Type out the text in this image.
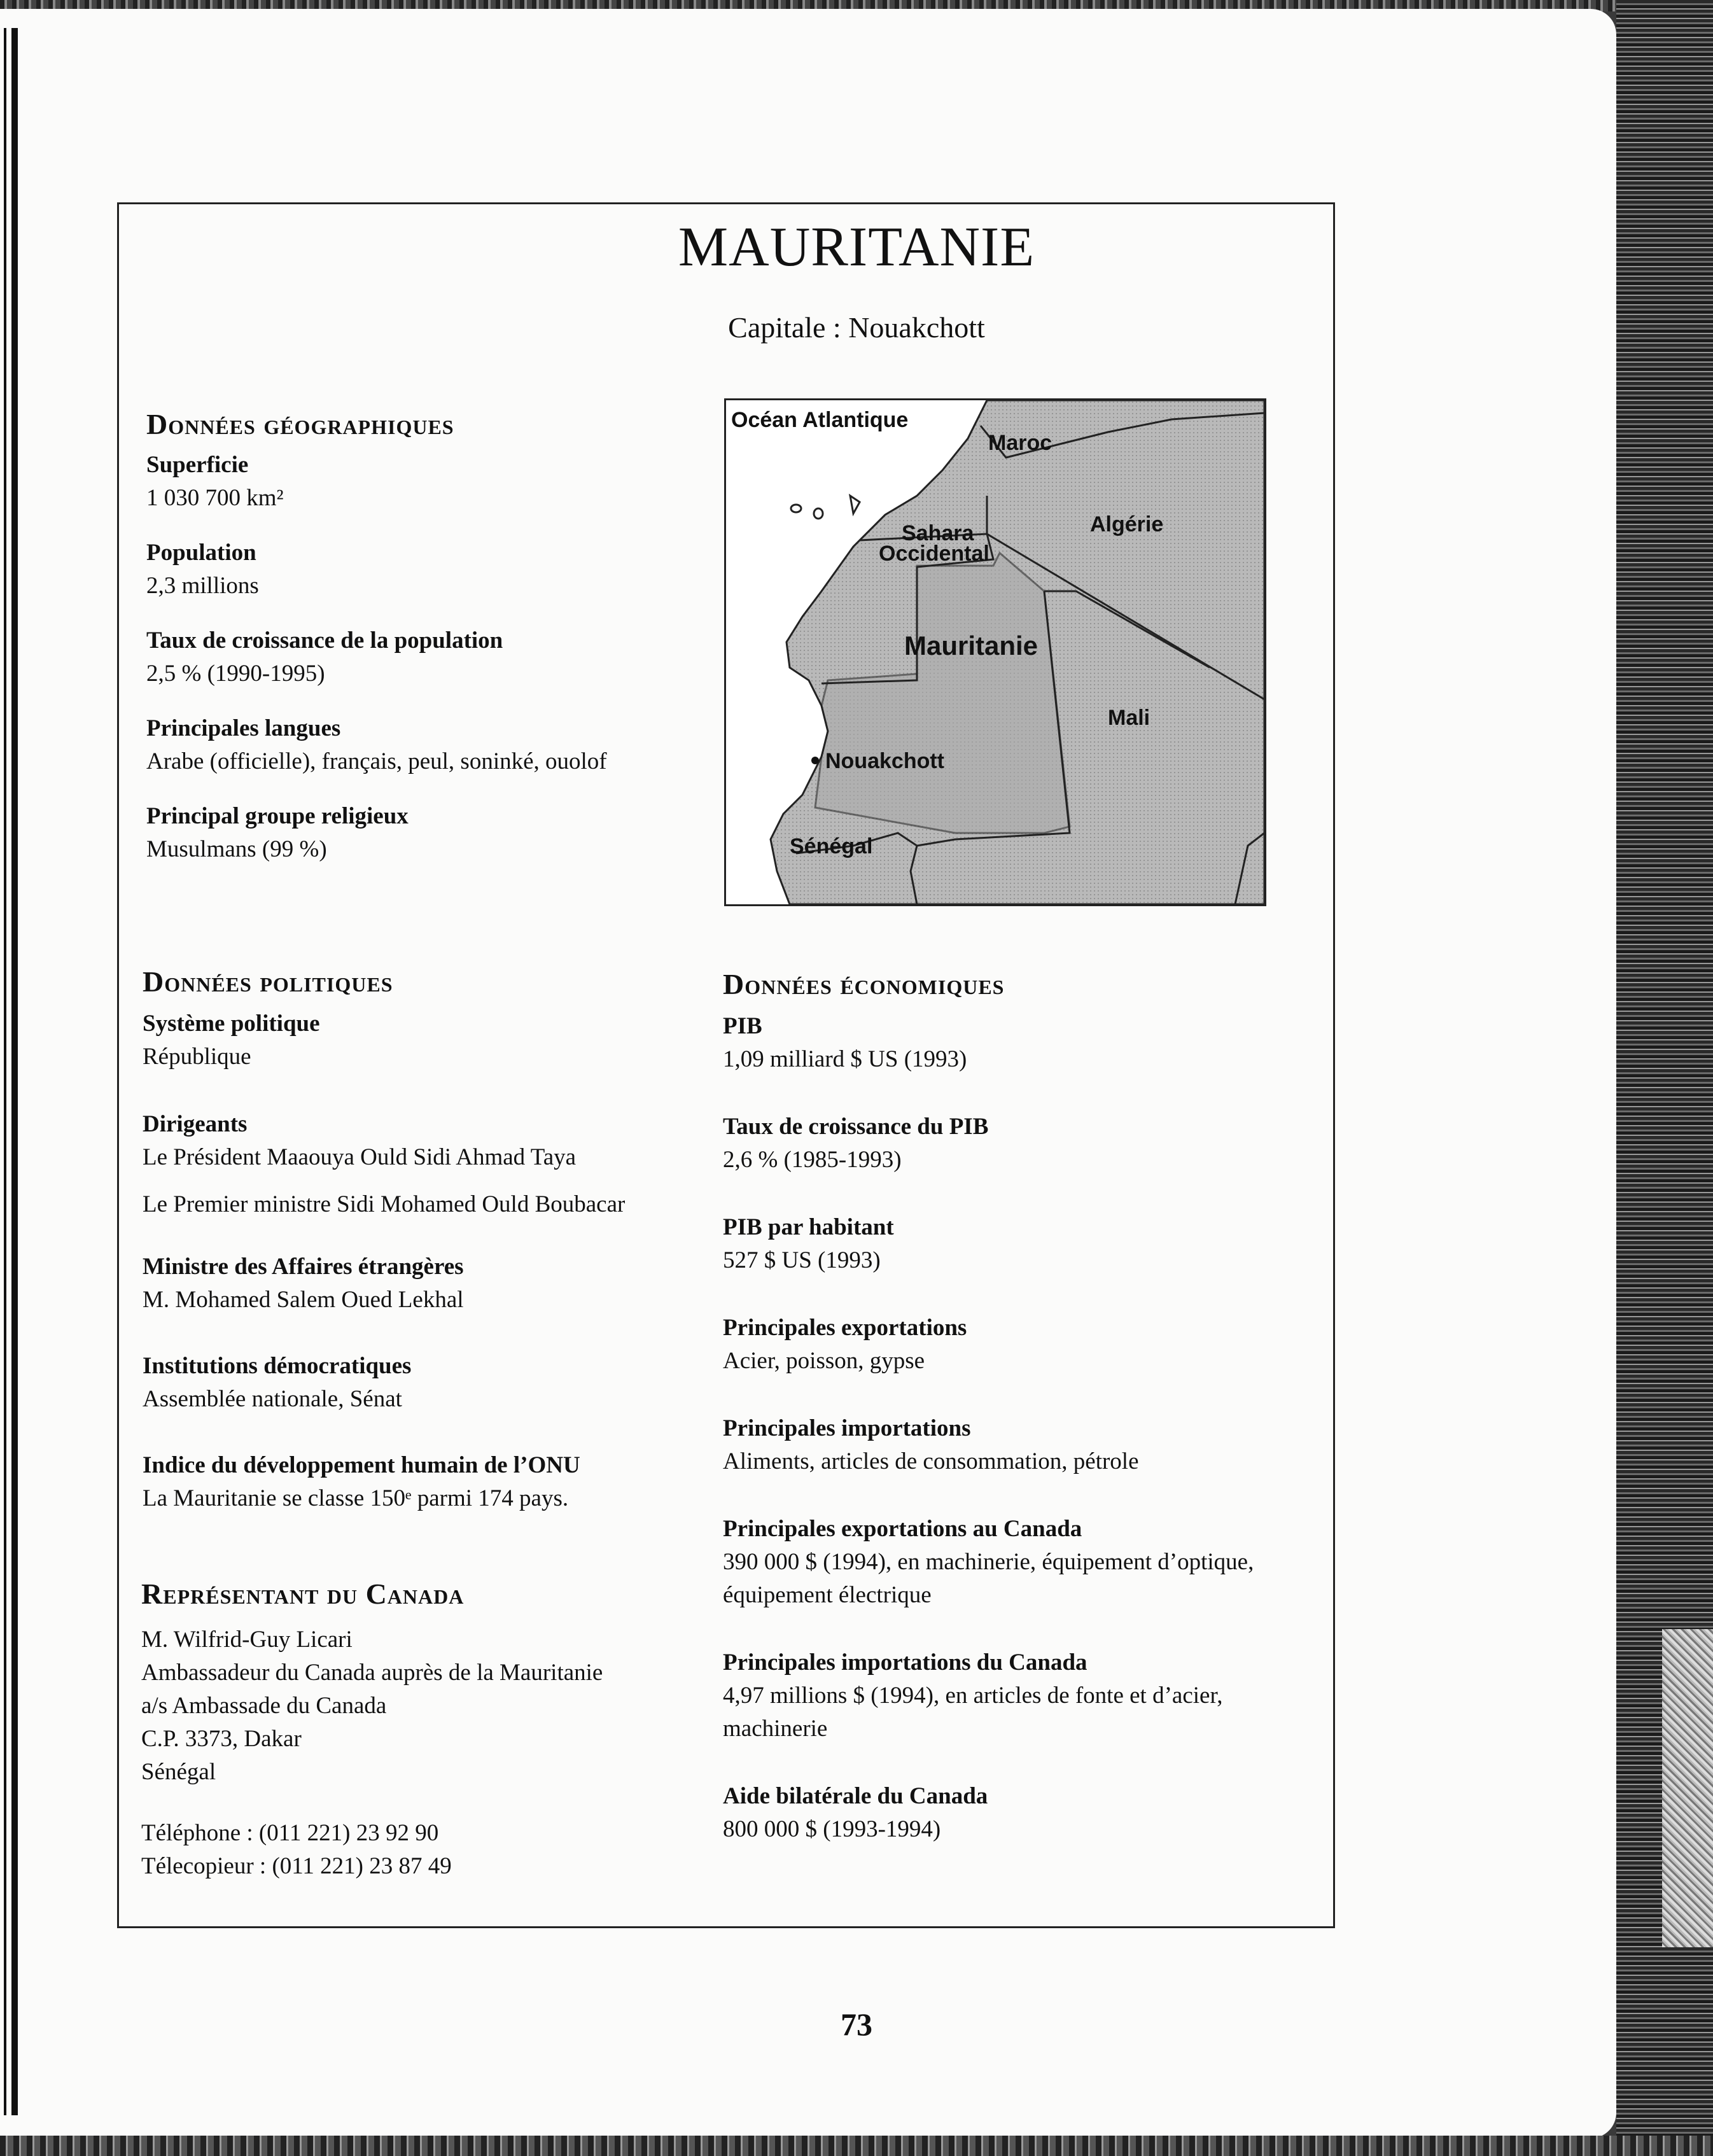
MAURITANIE
Capitale : Nouakchott
Données géographiques
Superficie
1 030 700 km²
Population
2,3 millions
Taux de croissance de la population
2,5 % (1990-1995)
Principales langues
Arabe (officielle), français, peul, soninké, ouolof
Principal groupe religieux
Musulmans (99 %)
Océan Atlantique
Maroc
Algérie
Sahara
Occidental
Mauritanie
Mali
Nouakchott
Sénégal
Données politiques
Système politique
République
Dirigeants
Le Président Maaouya Ould Sidi Ahmad Taya
Le Premier ministre Sidi Mohamed Ould Boubacar
Ministre des Affaires étrangères
M. Mohamed Salem Oued Lekhal
Institutions démocratiques
Assemblée nationale, Sénat
Indice du développement humain de l’ONU
La Mauritanie se classe 150ᵉ parmi 174 pays.
Représentant du Canada
M. Wilfrid-Guy Licari
Ambassadeur du Canada auprès de la Mauritanie
a/s Ambassade du Canada
C.P. 3373, Dakar
Sénégal
Téléphone : (011 221) 23 92 90
Télecopieur : (011 221) 23 87 49
Données économiques
PIB
1,09 milliard $ US (1993)
Taux de croissance du PIB
2,6 % (1985-1993)
PIB par habitant
527 $ US (1993)
Principales exportations
Acier, poisson, gypse
Principales importations
Aliments, articles de consommation, pétrole
Principales exportations au Canada
390 000 $ (1994), en machinerie, équipement d’optique,
équipement électrique
Principales importations du Canada
4,97 millions $ (1994), en articles de fonte et d’acier,
machinerie
Aide bilatérale du Canada
800 000 $ (1993-1994)
73
